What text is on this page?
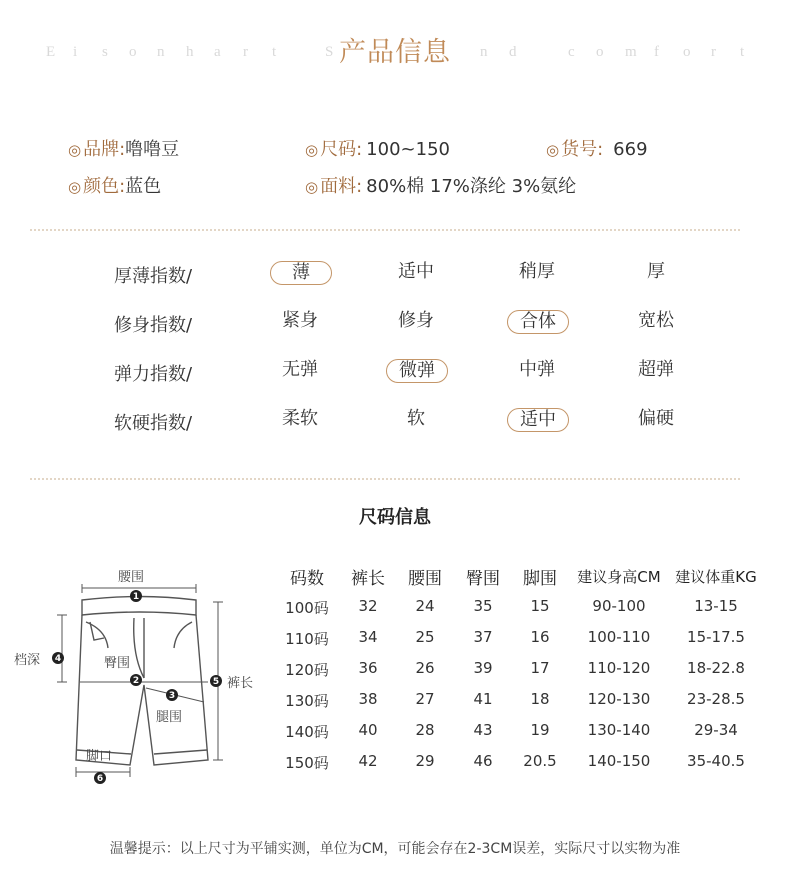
E i s o n h a r t	S	n d	c o m f o r t
产品信息
◎ 品牌:噜噜豆	◎ 尺码: 100~150	◎ 货号: 669
◎ 颜色:蓝色	◎ 面料: 80%棉 17%涤纶 3%氨纶
厚薄指数/	薄	适中	稍厚	厚
修身指数/	紧身	修身	合体	宽松
弹力指数/	无弹	微弹	中弹	超弹
软硬指数/	柔软	软	适中	偏硬
尺码信息
码数	裤长	腰围	臀围	脚围	建议身高CM 建议体重KG
100码	32	24	35	15	90-100	13-15
110码	34	25	37	16	100-110	15-17.5
120码	36	26	39	17	110-120	18-22.8
130码	38	27	41	18	120-130	23-28.5
140码	40	28	43	19	130-140	29-34
150码	42	29	46	20.5	140-150	35-40.5
1
2
3
4
5
6
腰围
档深	臀围
裤长
腿围
脚口
温馨提示：以上尺寸为平铺实测，单位为CM，可能会存在2-3CM误差，实际尺寸以实物为准
